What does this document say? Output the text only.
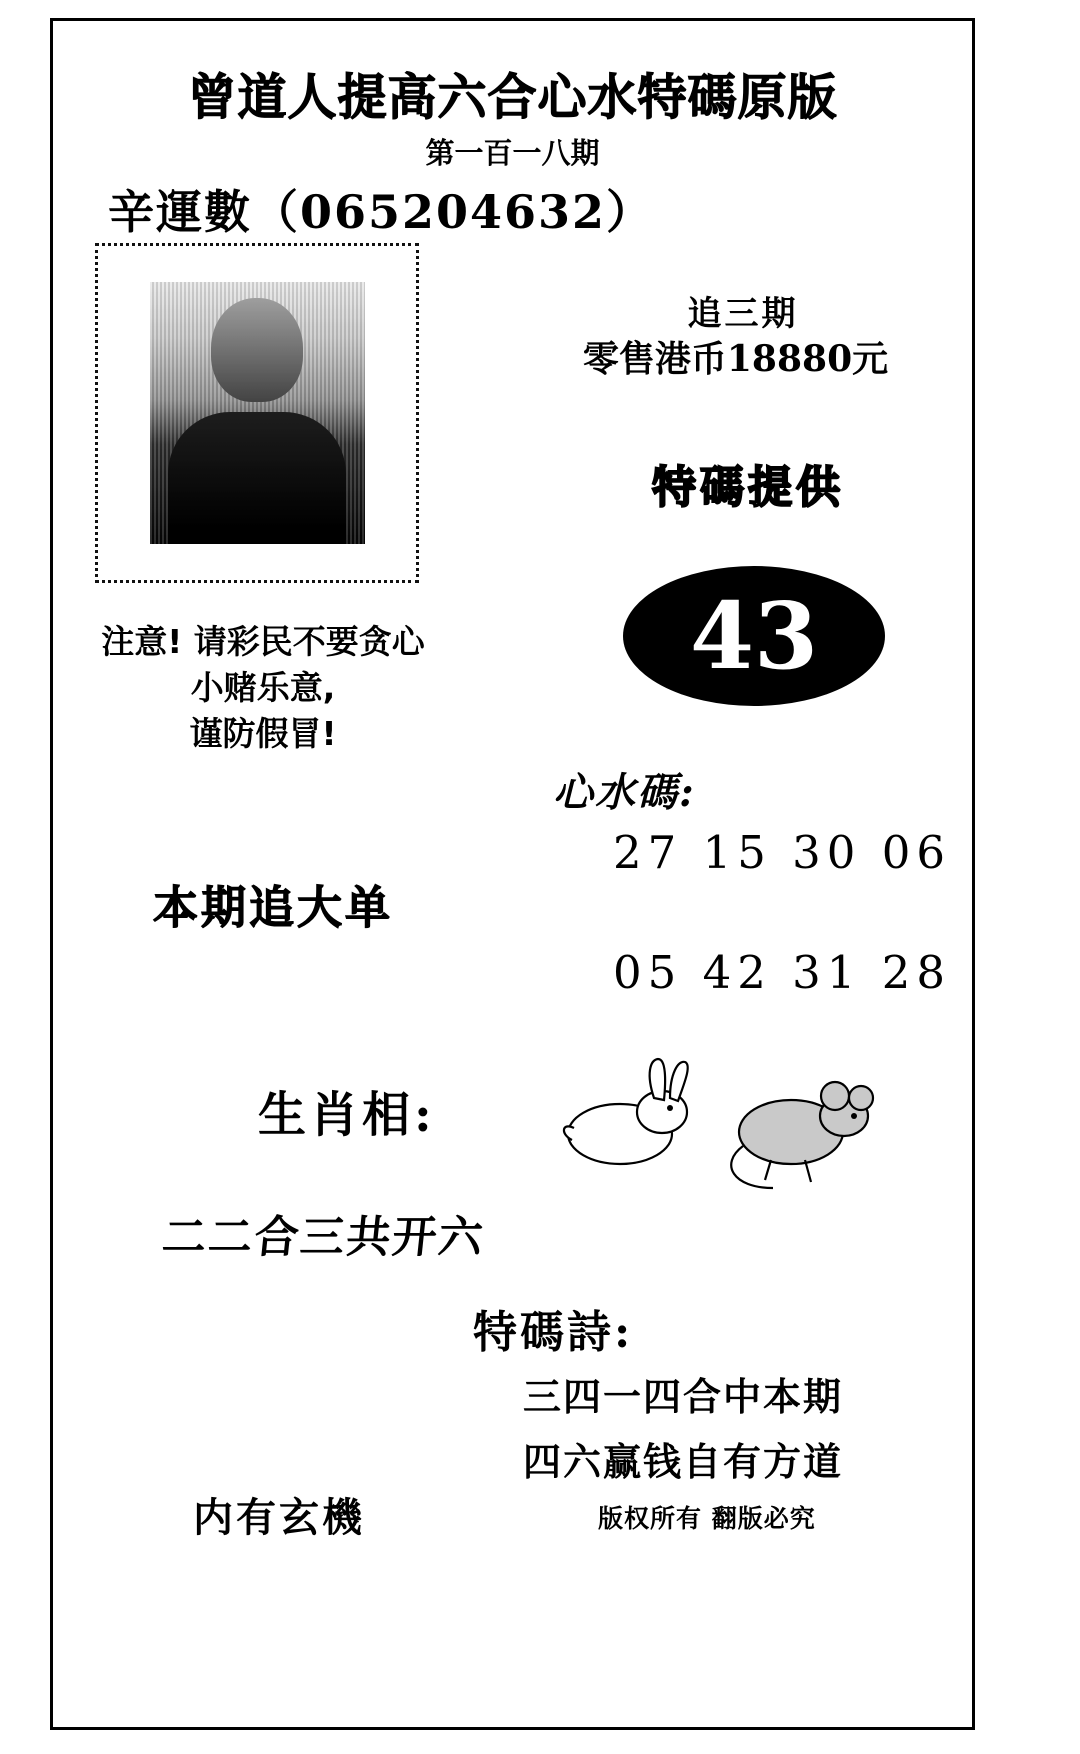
曾道人提高六合心水特碼原版
第一百一八期
辛運數（065204632）
注意! 请彩民不要贪心
小赌乐意,
谨防假冒!
本期追大单
追三期
零售港币18880元
特碼提供
43
心水碼:
27 15 30 06
05 42 31 28
生肖相:
二二合三共开六
特碼詩:
三四一四合中本期
四六赢钱自有方道
版权所有 翻版必究
内有玄機
